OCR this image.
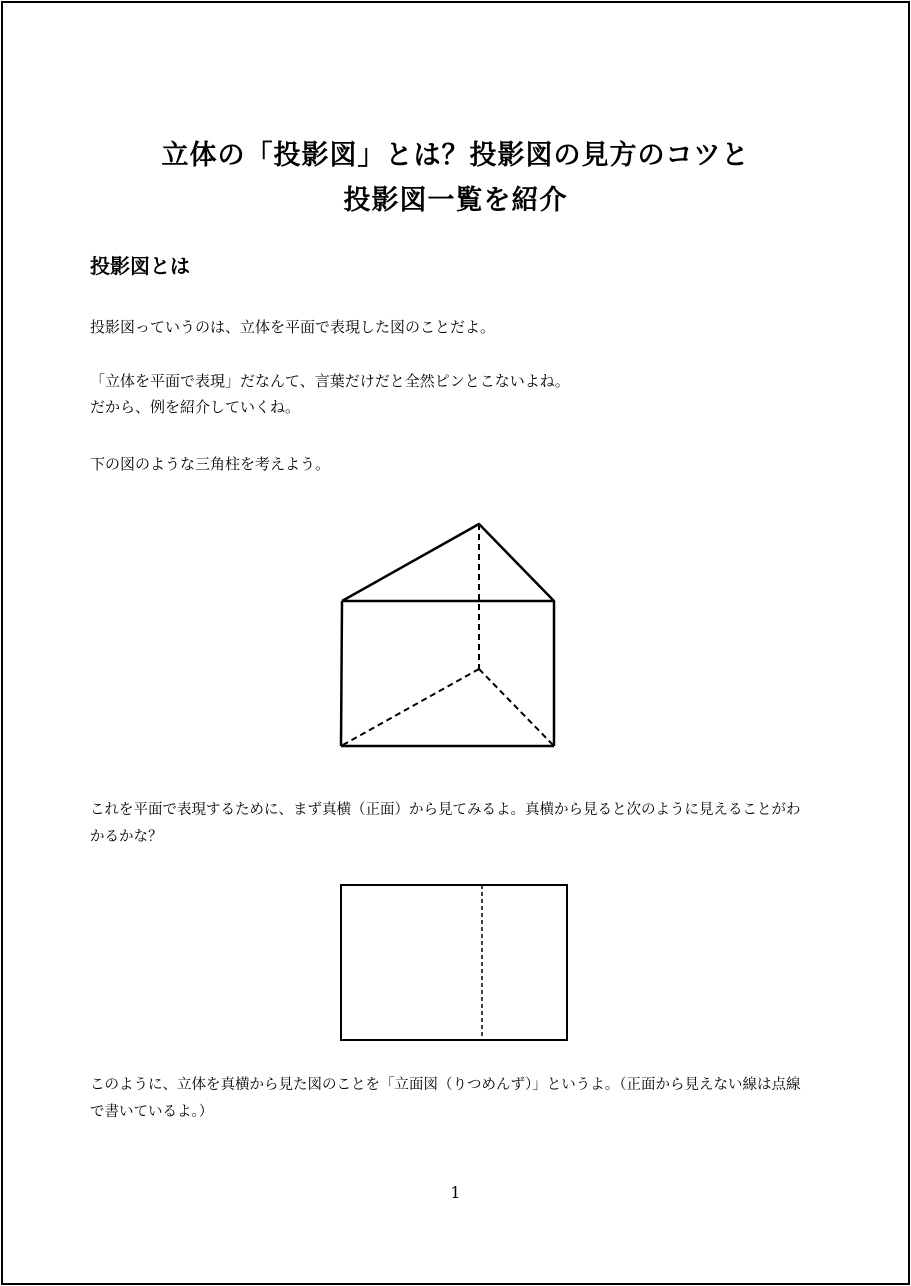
立体の「投影図」とは？投影図の見方のコツと
投影図一覧を紹介
投影図とは
投影図っていうのは、立体を平面で表現した図のことだよ。
「立体を平面で表現」だなんて、言葉だけだと全然ピンとこないよね。
だから、例を紹介していくね。
下の図のような三角柱を考えよう。
これを平面で表現するために、まず真横（正面）から見てみるよ。真横から見ると次のように見えることがわ
かるかな？
このように、立体を真横から見た図のことを「立面図（りつめんず）」というよ。（正面から見えない線は点線
で書いているよ。）
1
